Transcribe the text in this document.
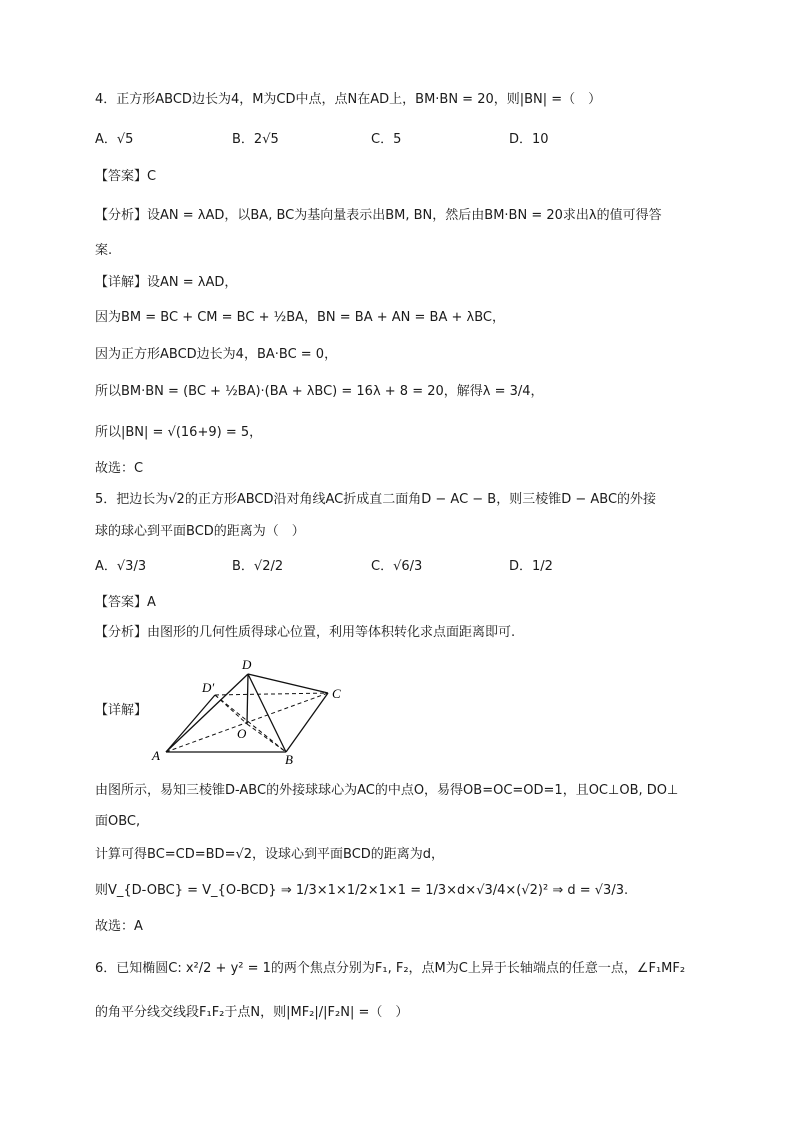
4．正方形ABCD边长为4，M为CD中点，点N在AD上，BM·BN = 20，则|BN| =（　）
A．√5	B．2√5	C．5	D．10
【答案】C
【分析】设AN = λAD，以BA, BC为基向量表示出BM, BN，然后由BM·BN = 20求出λ的值可得答
案.
【详解】设AN = λAD，
因为BM = BC + CM = BC + ½BA，BN = BA + AN = BA + λBC，
因为正方形ABCD边长为4，BA·BC = 0，
所以BM·BN = (BC + ½BA)·(BA + λBC) = 16λ + 8 = 20，解得λ = 3/4，
所以|BN| = √(16+9) = 5，
故选：C
5．把边长为√2的正方形ABCD沿对角线AC折成直二面角D − AC − B，则三棱锥D − ABC的外接
球的球心到平面BCD的距离为（　）
A．√3/3	B．√2/2	C．√6/3	D．1/2
【答案】A
【分析】由图形的几何性质得球心位置，利用等体积转化求点面距离即可.
【详解】
D
D′	C
O
A	B
由图所示，易知三棱锥D-ABC的外接球球心为AC的中点O，易得OB=OC=OD=1，且OC⊥OB, DO⊥
面OBC,
计算可得BC=CD=BD=√2，设球心到平面BCD的距离为d，
则V_{D-OBC} = V_{O-BCD} ⇒ 1/3×1×1/2×1×1 = 1/3×d×√3/4×(√2)² ⇒ d = √3/3.
故选：A
6．已知椭圆C: x²/2 + y² = 1的两个焦点分别为F₁, F₂，点M为C上异于长轴端点的任意一点，∠F₁MF₂
的角平分线交线段F₁F₂于点N，则|MF₂|/|F₂N| =（　）
